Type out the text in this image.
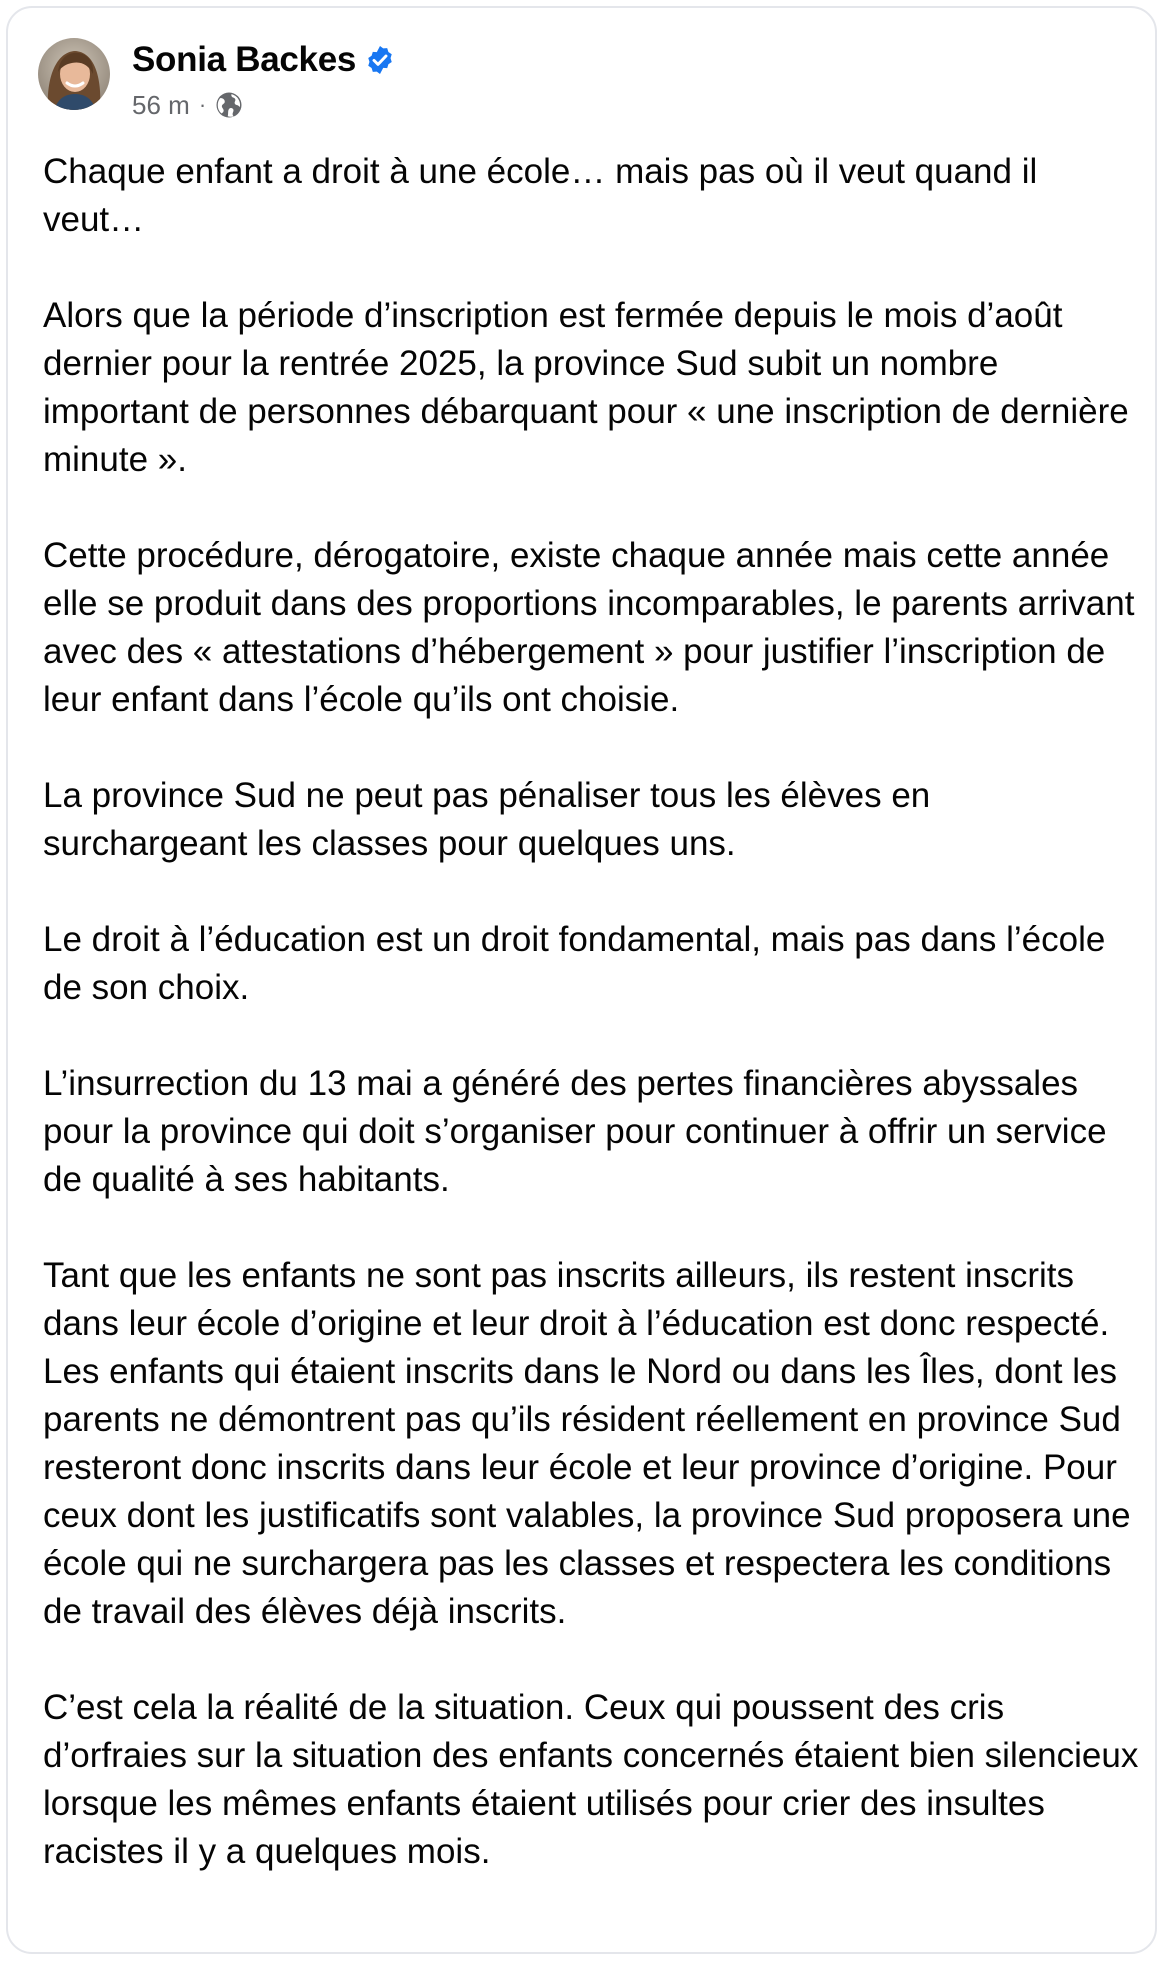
Sonia Backes
56 m ·

Chaque enfant a droit à une école… mais pas où il veut quand il veut…

Alors que la période d’inscription est fermée depuis le mois d’août dernier pour la rentrée 2025, la province Sud subit un nombre important de personnes débarquant pour « une inscription de dernière minute ».

Cette procédure, dérogatoire, existe chaque année mais cette année elle se produit dans des proportions incomparables, le parents arrivant avec des « attestations d’hébergement » pour justifier l’inscription de leur enfant dans l’école qu’ils ont choisie.

La province Sud ne peut pas pénaliser tous les élèves en surchargeant les classes pour quelques uns.

Le droit à l’éducation est un droit fondamental, mais pas dans l’école de son choix.

L’insurrection du 13 mai a généré des pertes financières abyssales pour la province qui doit s’organiser pour continuer à offrir un service de qualité à ses habitants.

Tant que les enfants ne sont pas inscrits ailleurs, ils restent inscrits dans leur école d’origine et leur droit à l’éducation est donc respecté. Les enfants qui étaient inscrits dans le Nord ou dans les Îles, dont les parents ne démontrent pas qu’ils résident réellement en province Sud resteront donc inscrits dans leur école et leur province d’origine. Pour ceux dont les justificatifs sont valables, la province Sud proposera une école qui ne surchargera pas les classes et respectera les conditions de travail des élèves déjà inscrits.

C’est cela la réalité de la situation. Ceux qui poussent des cris d’orfraies sur la situation des enfants concernés étaient bien silencieux lorsque les mêmes enfants étaient utilisés pour crier des insultes racistes il y a quelques mois.
